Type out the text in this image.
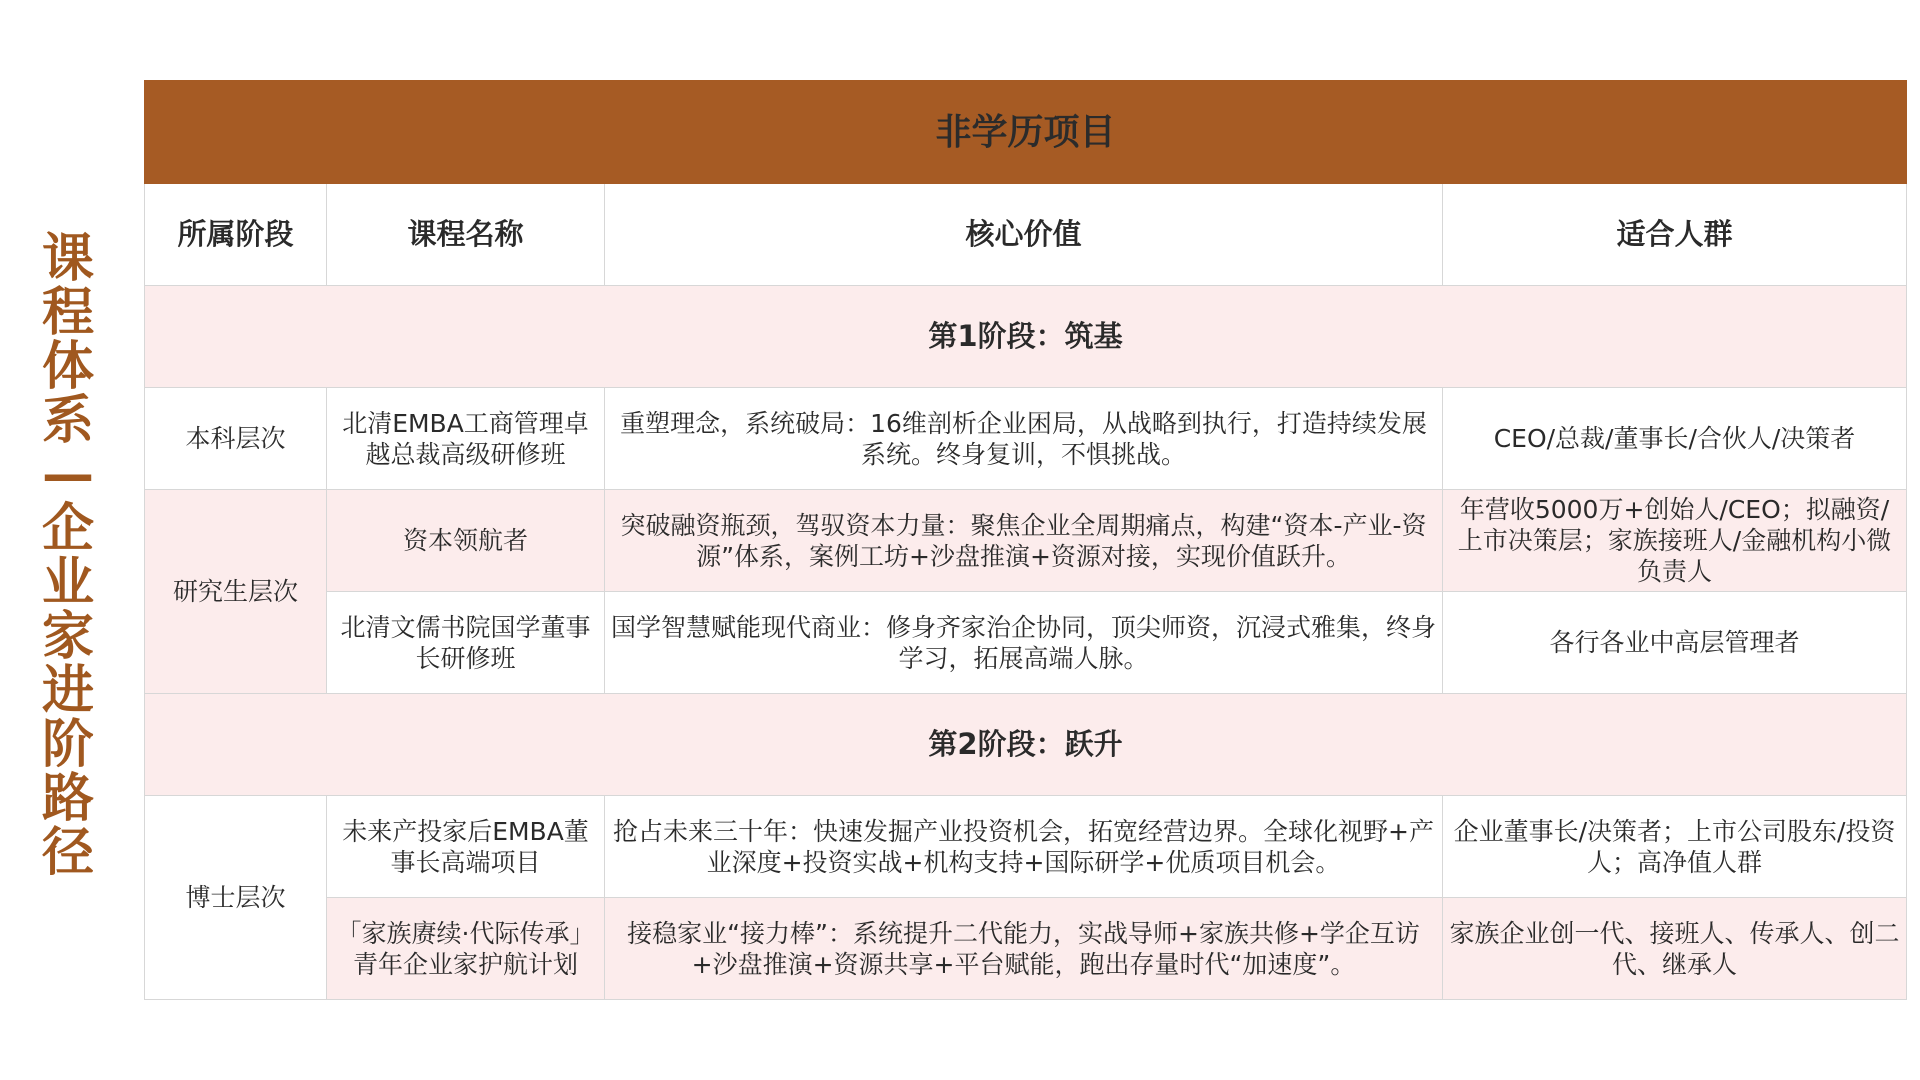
课程体系—企业家进阶路径
非学历项目			
所属阶段	课程名称	核心价值	适合人群
第1阶段：筑基			
本科层次	北清EMBA工商管理卓越总裁高级研修班	重塑理念，系统破局：16维剖析企业困局，从战略到执行，打造持续发展系统。终身复训，不惧挑战。	CEO/总裁/董事长/合伙人/决策者
研究生层次	资本领航者	突破融资瓶颈，驾驭资本力量：聚焦企业全周期痛点，构建“资本-产业-资源”体系，案例工坊+沙盘推演+资源对接，实现价值跃升。	年营收5000万+创始人/CEO；拟融资/上市决策层；家族接班人/金融机构小微负责人
	北清文儒书院国学董事长研修班	国学智慧赋能现代商业：修身齐家治企协同，顶尖师资，沉浸式雅集，终身学习，拓展高端人脉。	各行各业中高层管理者
第2阶段：跃升			
博士层次	未来产投家后EMBA董事长高端项目	抢占未来三十年：快速发掘产业投资机会，拓宽经营边界。全球化视野+产业深度+投资实战+机构支持+国际研学+优质项目机会。	企业董事长/决策者；上市公司股东/投资人；高净值人群
	「家族赓续·代际传承」青年企业家护航计划	接稳家业“接力棒”：系统提升二代能力，实战导师+家族共修+学企互访+沙盘推演+资源共享+平台赋能，跑出存量时代“加速度”。	家族企业创一代、接班人、传承人、创二代、继承人
